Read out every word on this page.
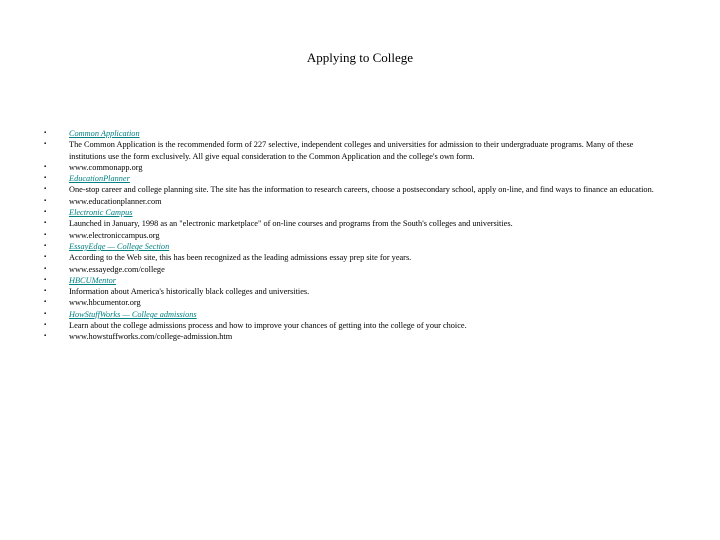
Applying to College
▪	Common Application
▪	The Common Application is the recommended form of 227 selective, independent colleges and universities for admission to their undergraduate programs. Many of these institutions use the form exclusively. All give equal consideration to the Common Application and the college's own form.
▪	www.commonapp.org
▪	EducationPlanner
▪	One-stop career and college planning site. The site has the information to research careers, choose a postsecondary school, apply on-line, and find ways to finance an education.
▪	www.educationplanner.com
▪	Electronic Campus
▪	Launched in January, 1998 as an "electronic marketplace" of on-line courses and programs from the South's colleges and universities.
▪	www.electroniccampus.org
▪	EssayEdge — College Section
▪	According to the Web site, this has been recognized as the leading admissions essay prep site for years.
▪	www.essayedge.com/college
▪	HBCUMentor
▪	Information about America's historically black colleges and universities.
▪	www.hbcumentor.org
▪	HowStuffWorks — College admissions
▪	Learn about the college admissions process and how to improve your chances of getting into the college of your choice.
▪	www.howstuffworks.com/college-admission.htm
